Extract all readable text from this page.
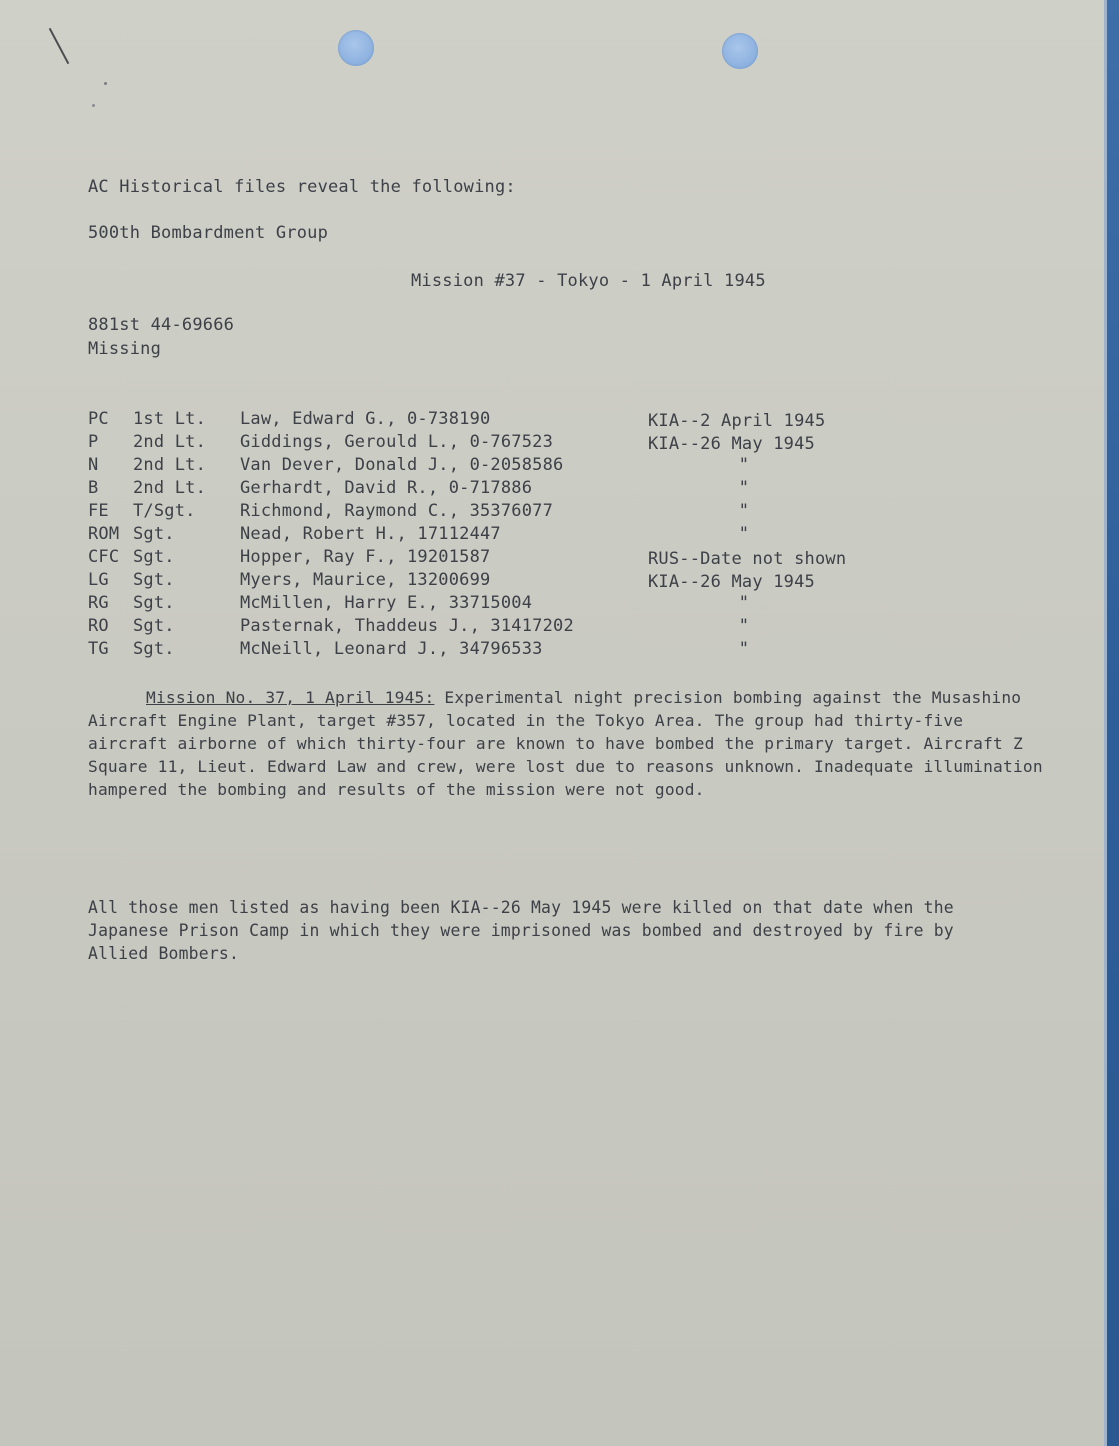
AC Historical files reveal the following:
500th Bombardment Group
Mission #37 - Tokyo - 1 April 1945
881st 44-69666
Missing
PC 1st Lt. Law, Edward G., 0-738190	KIA--2 April 1945
P 2nd Lt. Giddings, Gerould L., 0-767523	KIA--26 May 1945
N 2nd Lt. Van Dever, Donald J., 0-2058586	"
B 2nd Lt. Gerhardt, David R., 0-717886	"
FE T/Sgt.	Richmond, Raymond C., 35376077	"
ROM Sgt.	Nead, Robert H., 17112447	"
CFC Sgt.	Hopper, Ray F., 19201587	RUS--Date not shown
LG Sgt.	Myers, Maurice, 13200699	KIA--26 May 1945
RG Sgt.	McMillen, Harry E., 33715004	"
RO Sgt.	Pasternak, Thaddeus J., 31417202	"
TG Sgt.	McNeill, Leonard J., 34796533	"
Mission No. 37, 1 April 1945: Experimental night precision bombing against the Musashino Aircraft Engine Plant, target #357, located in the Tokyo Area. The group had thirty-five aircraft airborne of which thirty-four are known to have bombed the primary target. Aircraft Z Square 11, Lieut. Edward Law and crew, were lost due to reasons unknown. Inadequate illumination hampered the bombing and results of the mission were not good.
All those men listed as having been KIA--26 May 1945 were killed on that date when the Japanese Prison Camp in which they were imprisoned was bombed and destroyed by fire by Allied Bombers.
